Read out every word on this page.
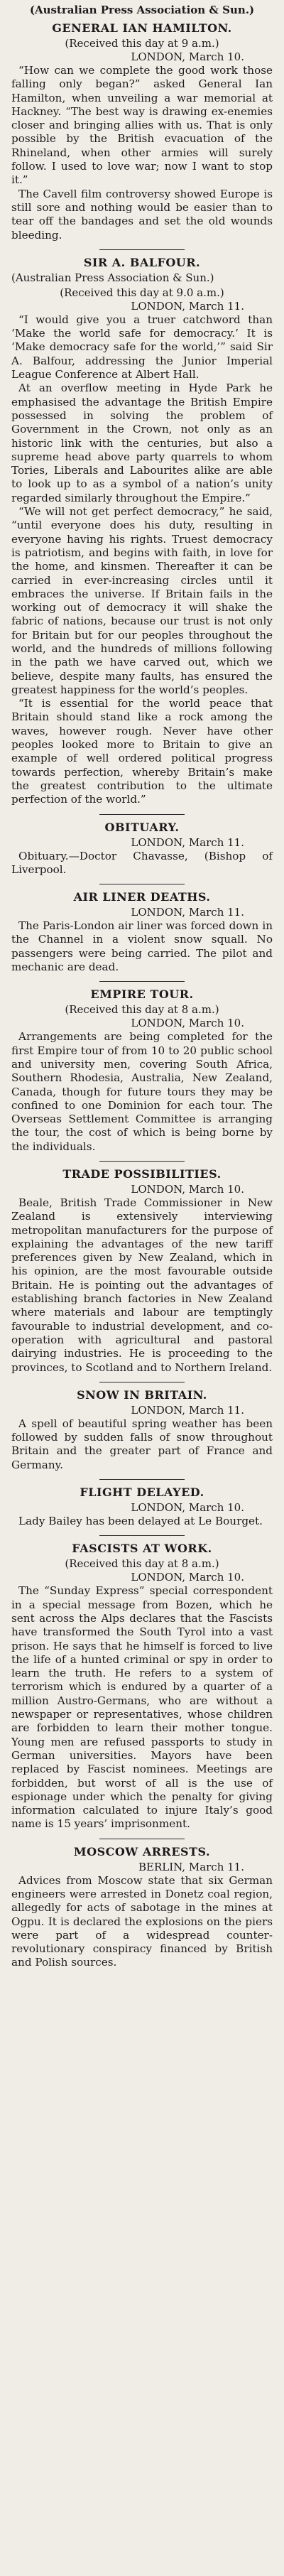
(Australian Press Association & Sun.)
GENERAL IAN HAMILTON.
(Received this day at 9 a.m.)
LONDON, March 10.

“How can we complete the good work those falling only began?” asked General Ian Hamilton, when unveiling a war memorial at Hackney. “The best way is drawing ex-enemies closer and bringing allies with us. That is only possible by the British evacuation of the Rhineland, when other armies will surely follow. I used to love war; now I want to stop it.”

The Cavell film controversy showed Europe is still sore and nothing would be easier than to tear off the bandages and set the old wounds bleeding.

SIR A. BALFOUR.
(Australian Press Association & Sun.)
(Received this day at 9.0 a.m.)
LONDON, March 11.

“I would give you a truer catchword than ‘Make the world safe for democracy.’ It is ‘Make democracy safe for the world,’” said Sir A. Balfour, addressing the Junior Imperial League Conference at Albert Hall.

At an overflow meeting in Hyde Park he emphasised the advantage the British Empire possessed in solving the problem of Government in the Crown, not only as an historic link with the centuries, but also a supreme head above party quarrels to whom Tories, Liberals and Labourites alike are able to look up to as a symbol of a nation’s unity regarded similarly throughout the Empire.”

“We will not get perfect democracy,” he said, “until everyone does his duty, resulting in everyone having his rights. Truest democracy is patriotism, and begins with faith, in love for the home, and kinsmen. Thereafter it can be carried in ever-increasing circles until it embraces the universe. If Britain fails in the working out of democracy it will shake the fabric of nations, because our trust is not only for Britain but for our peoples throughout the world, and the hundreds of millions following in the path we have carved out, which we believe, despite many faults, has ensured the greatest happiness for the world’s peoples.

“It is essential for the world peace that Britain should stand like a rock among the waves, however rough. Never have other peoples looked more to Britain to give an example of well ordered political progress towards perfection, whereby Britain’s make the greatest contribution to the ultimate perfection of the world.”

OBITUARY.
LONDON, March 11.

Obituary.—Doctor Chavasse, (Bishop of Liverpool.

AIR LINER DEATHS.
LONDON, March 11.

The Paris-London air liner was forced down in the Channel in a violent snow squall. No passengers were being carried. The pilot and mechanic are dead.

EMPIRE TOUR.
(Received this day at 8 a.m.)
LONDON, March 10.

Arrangements are being completed for the first Empire tour of from 10 to 20 public school and university men, covering South Africa, Southern Rhodesia, Australia, New Zealand, Canada, though for future tours they may be confined to one Dominion for each tour. The Overseas Settlement Committee is arranging the tour, the cost of which is being borne by the individuals.

TRADE POSSIBILITIES.
LONDON, March 10.

Beale, British Trade Commissioner in New Zealand is extensively interviewing metropolitan manufacturers for the purpose of explaining the advantages of the new tariff preferences given by New Zealand, which in his opinion, are the most favourable outside Britain. He is pointing out the advantages of establishing branch factories in New Zealand where materials and labour are temptingly favourable to industrial development, and co-operation with agricultural and pastoral dairying industries. He is proceeding to the provinces, to Scotland and to Northern Ireland.

SNOW IN BRITAIN.
LONDON, March 11.

A spell of beautiful spring weather has been followed by sudden falls of snow throughout Britain and the greater part of France and Germany.

FLIGHT DELAYED.
LONDON, March 10.

Lady Bailey has been delayed at Le Bourget.

FASCISTS AT WORK.
(Received this day at 8 a.m.)
LONDON, March 10.

The “Sunday Express” special correspondent in a special message from Bozen, which he sent across the Alps declares that the Fascists have transformed the South Tyrol into a vast prison. He says that he himself is forced to live the life of a hunted criminal or spy in order to learn the truth. He refers to a system of terrorism which is endured by a quarter of a million Austro-Germans, who are without a newspaper or representatives, whose children are forbidden to learn their mother tongue. Young men are refused passports to study in German universities. Mayors have been replaced by Fascist nominees. Meetings are forbidden, but worst of all is the use of espionage under which the penalty for giving information calculated to injure Italy’s good name is 15 years’ imprisonment.

MOSCOW ARRESTS.
BERLIN, March 11.

Advices from Moscow state that six German engineers were arrested in Donetz coal region, allegedly for acts of sabotage in the mines at Ogpu. It is declared the explosions on the piers were part of a widespread counter-revolutionary conspiracy financed by British and Polish sources.
